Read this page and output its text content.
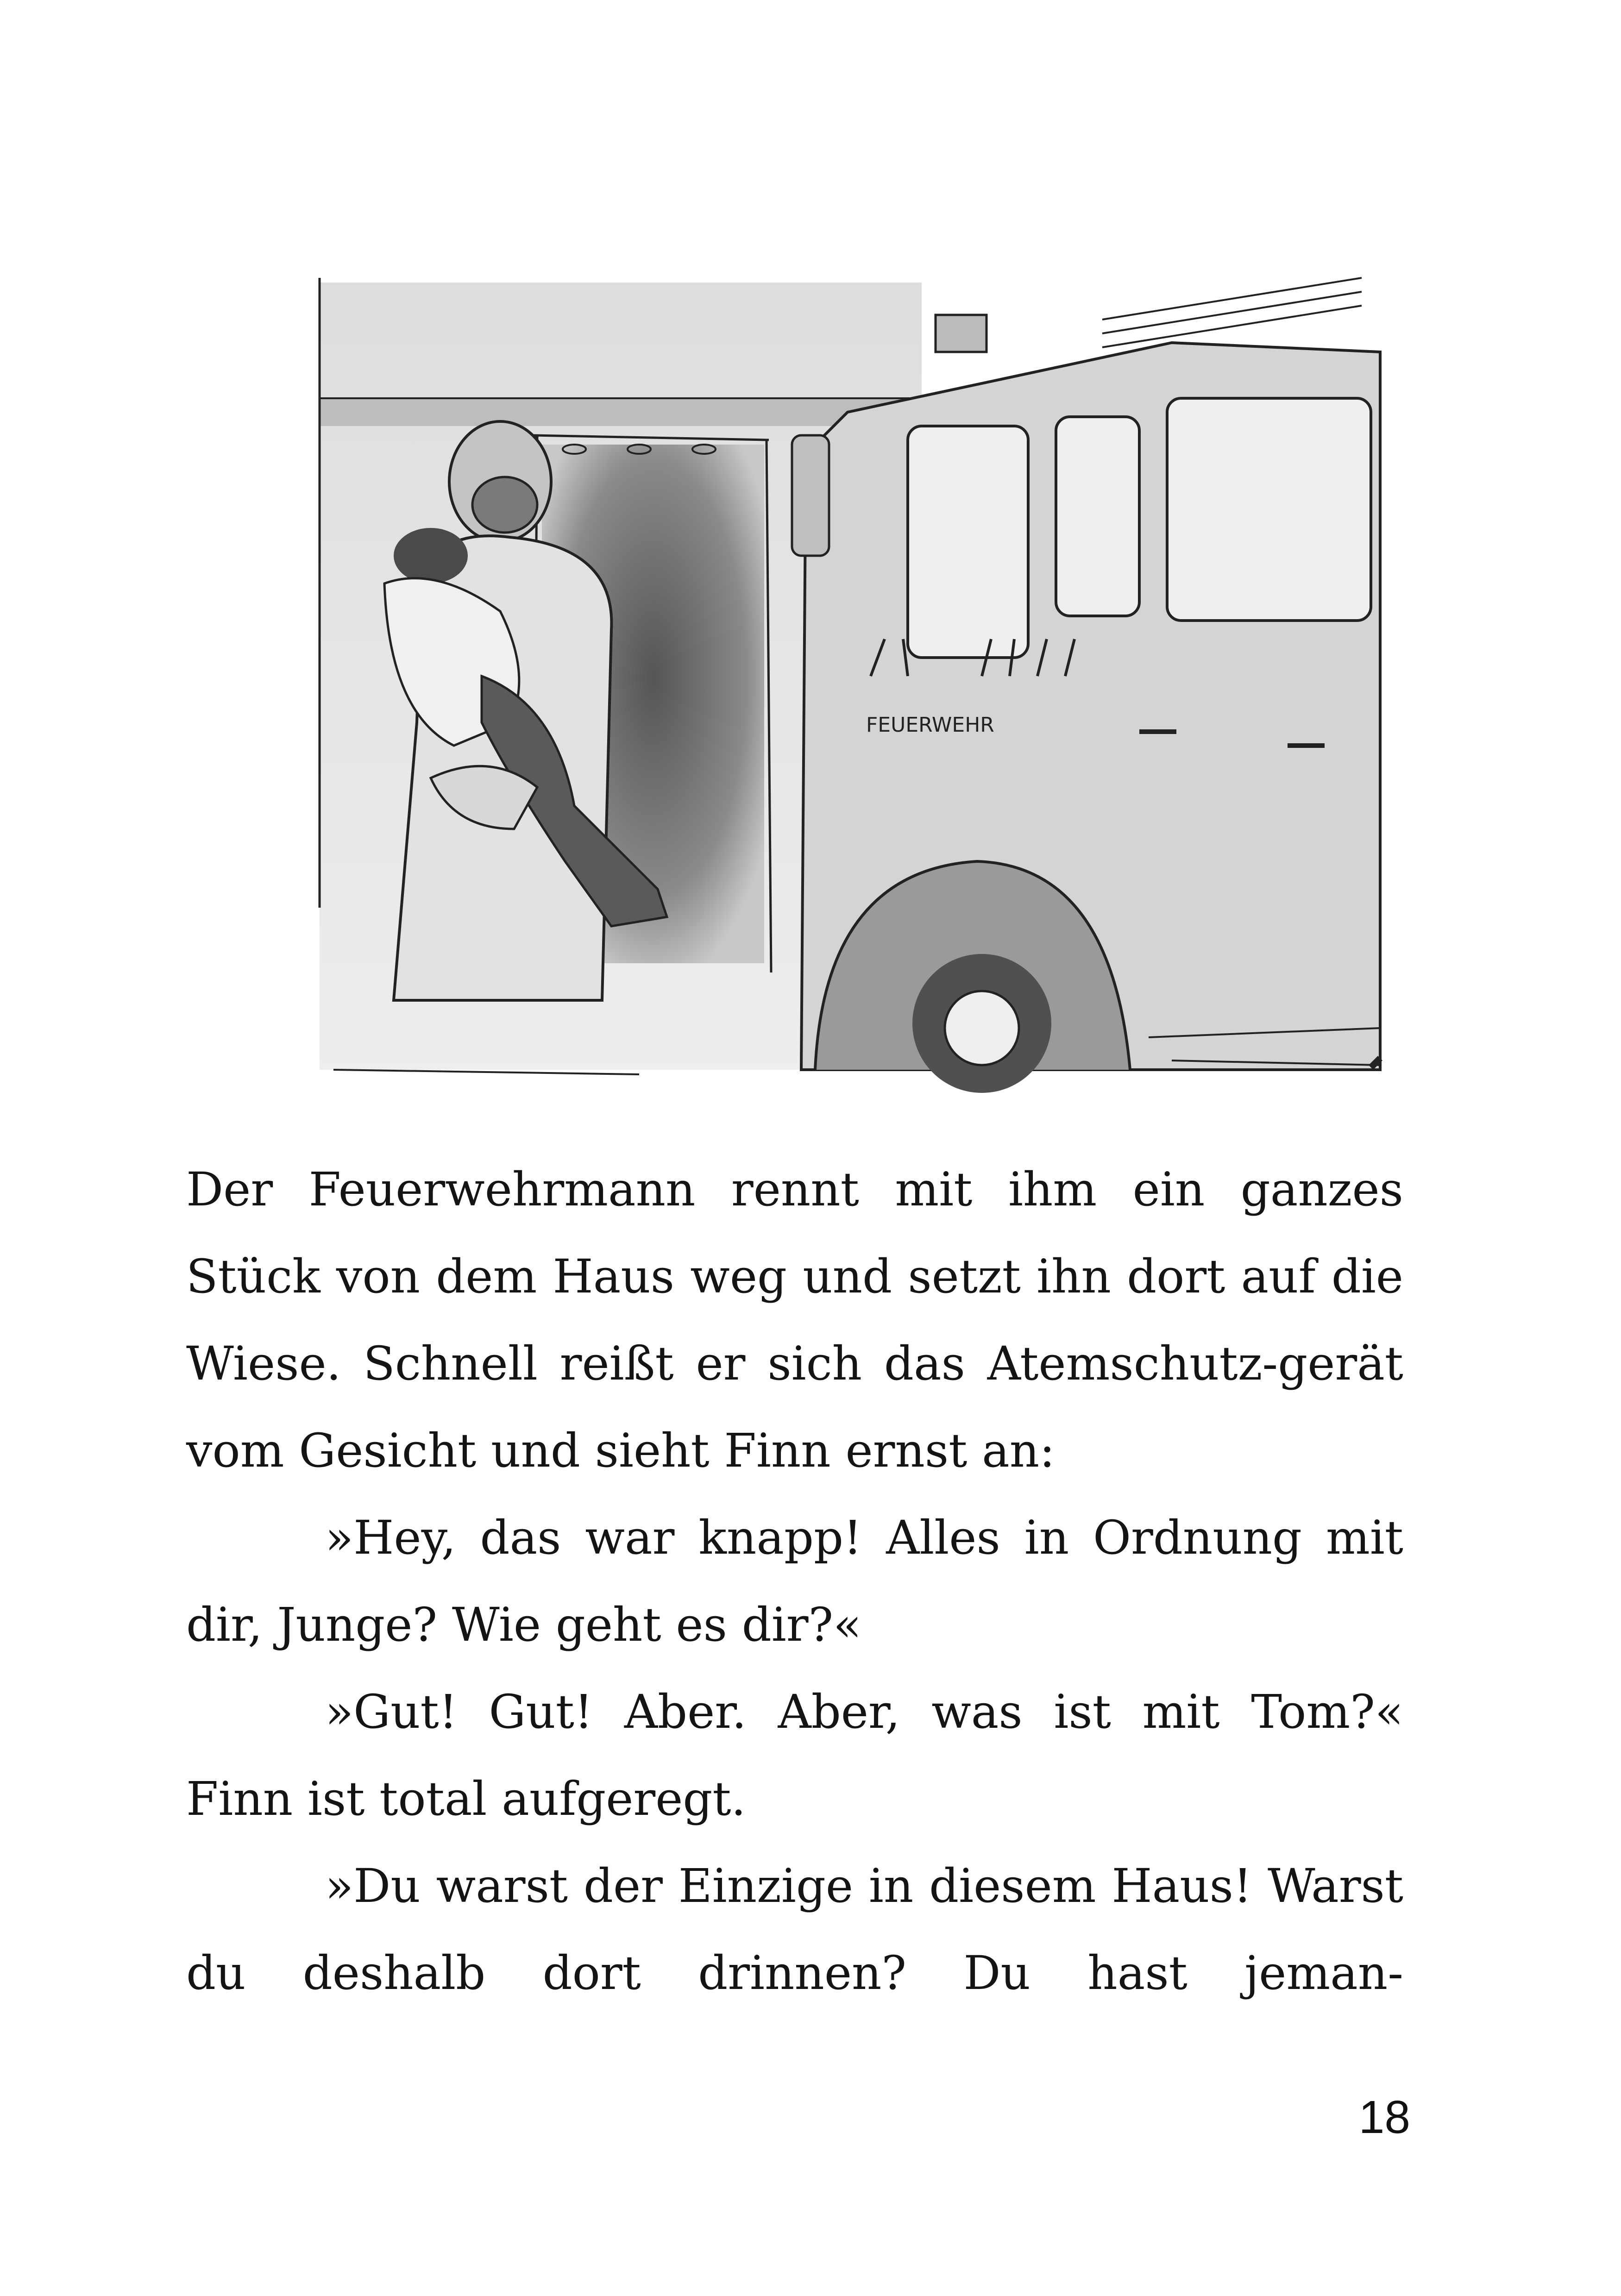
FEUERWEHR

Der Feuerwehrmann rennt mit ihm ein ganzes Stück von dem Haus weg und setzt ihn dort auf die Wiese. Schnell reißt er sich das Atemschutz-gerät vom Gesicht und sieht Finn ernst an:

»Hey, das war knapp! Alles in Ordnung mit dir, Junge? Wie geht es dir?«

»Gut! Gut! Aber. Aber, was ist mit Tom?« Finn ist total aufgeregt.

»Du warst der Einzige in diesem Haus! Warst du deshalb dort drinnen? Du hast jeman-

18
